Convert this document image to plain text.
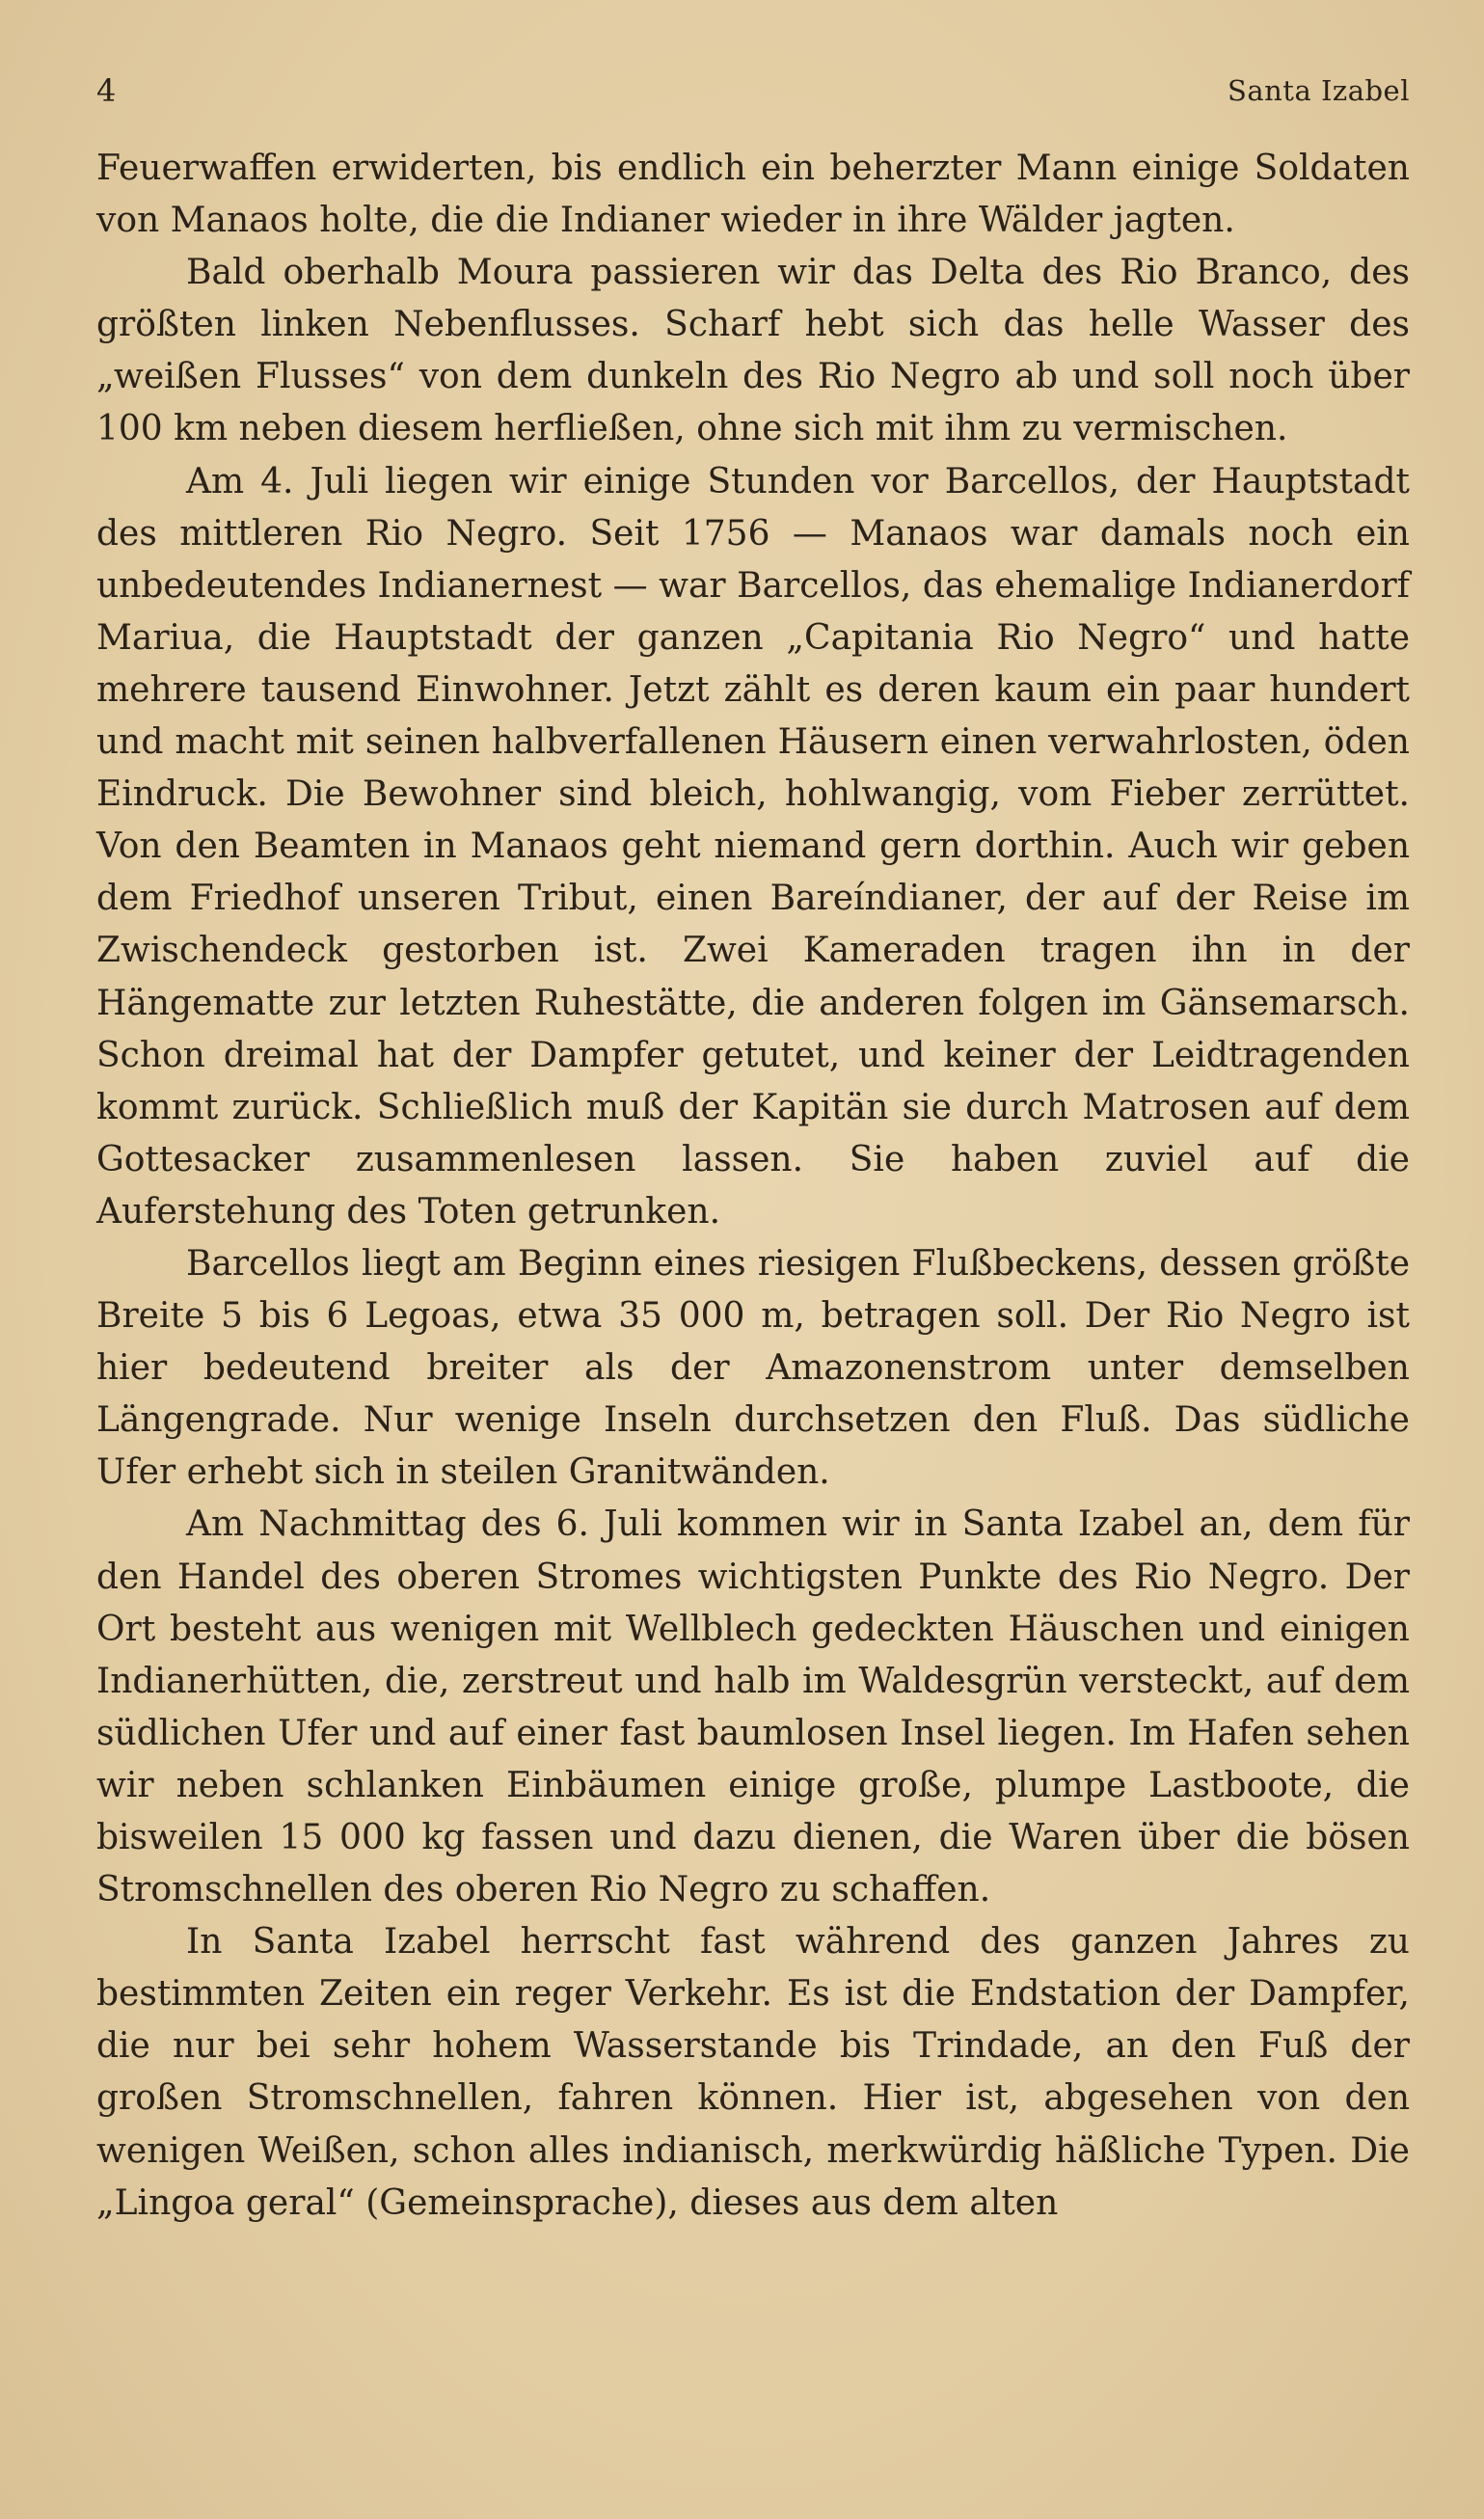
4	Santa Izabel

Feuerwaffen erwiderten, bis endlich ein beherzter Mann einige Soldaten von Manaos holte, die die Indianer wieder in ihre Wälder jagten.

Bald oberhalb Moura passieren wir das Delta des Rio Branco, des größten linken Nebenflusses. Scharf hebt sich das helle Wasser des „weißen Flusses“ von dem dunkeln des Rio Negro ab und soll noch über 100 km neben diesem herfließen, ohne sich mit ihm zu vermischen.

Am 4. Juli liegen wir einige Stunden vor Barcellos, der Hauptstadt des mittleren Rio Negro. Seit 1756 — Manaos war damals noch ein unbedeutendes Indianernest — war Barcellos, das ehemalige Indianerdorf Mariua, die Hauptstadt der ganzen „Capitania Rio Negro“ und hatte mehrere tausend Einwohner. Jetzt zählt es deren kaum ein paar hundert und macht mit seinen halbverfallenen Häusern einen verwahrlosten, öden Eindruck. Die Bewohner sind bleich, hohlwangig, vom Fieber zerrüttet. Von den Beamten in Manaos geht niemand gern dorthin. Auch wir geben dem Friedhof unseren Tribut, einen Bareíndianer, der auf der Reise im Zwischendeck gestorben ist. Zwei Kameraden tragen ihn in der Hängematte zur letzten Ruhestätte, die anderen folgen im Gänsemarsch. Schon dreimal hat der Dampfer getutet, und keiner der Leidtragenden kommt zurück. Schließlich muß der Kapitän sie durch Matrosen auf dem Gottesacker zusammenlesen lassen. Sie haben zuviel auf die Auferstehung des Toten getrunken.

Barcellos liegt am Beginn eines riesigen Flußbeckens, dessen größte Breite 5 bis 6 Legoas, etwa 35 000 m, betragen soll. Der Rio Negro ist hier bedeutend breiter als der Amazonenstrom unter demselben Längengrade. Nur wenige Inseln durchsetzen den Fluß. Das südliche Ufer erhebt sich in steilen Granitwänden.

Am Nachmittag des 6. Juli kommen wir in Santa Izabel an, dem für den Handel des oberen Stromes wichtigsten Punkte des Rio Negro. Der Ort besteht aus wenigen mit Wellblech gedeckten Häuschen und einigen Indianerhütten, die, zerstreut und halb im Waldesgrün versteckt, auf dem südlichen Ufer und auf einer fast baumlosen Insel liegen. Im Hafen sehen wir neben schlanken Einbäumen einige große, plumpe Lastboote, die bisweilen 15 000 kg fassen und dazu dienen, die Waren über die bösen Stromschnellen des oberen Rio Negro zu schaffen.

In Santa Izabel herrscht fast während des ganzen Jahres zu bestimmten Zeiten ein reger Verkehr. Es ist die Endstation der Dampfer, die nur bei sehr hohem Wasserstande bis Trindade, an den Fuß der großen Stromschnellen, fahren können. Hier ist, abgesehen von den wenigen Weißen, schon alles indianisch, merkwürdig häßliche Typen. Die „Lingoa geral“ (Gemeinsprache), dieses aus dem alten
